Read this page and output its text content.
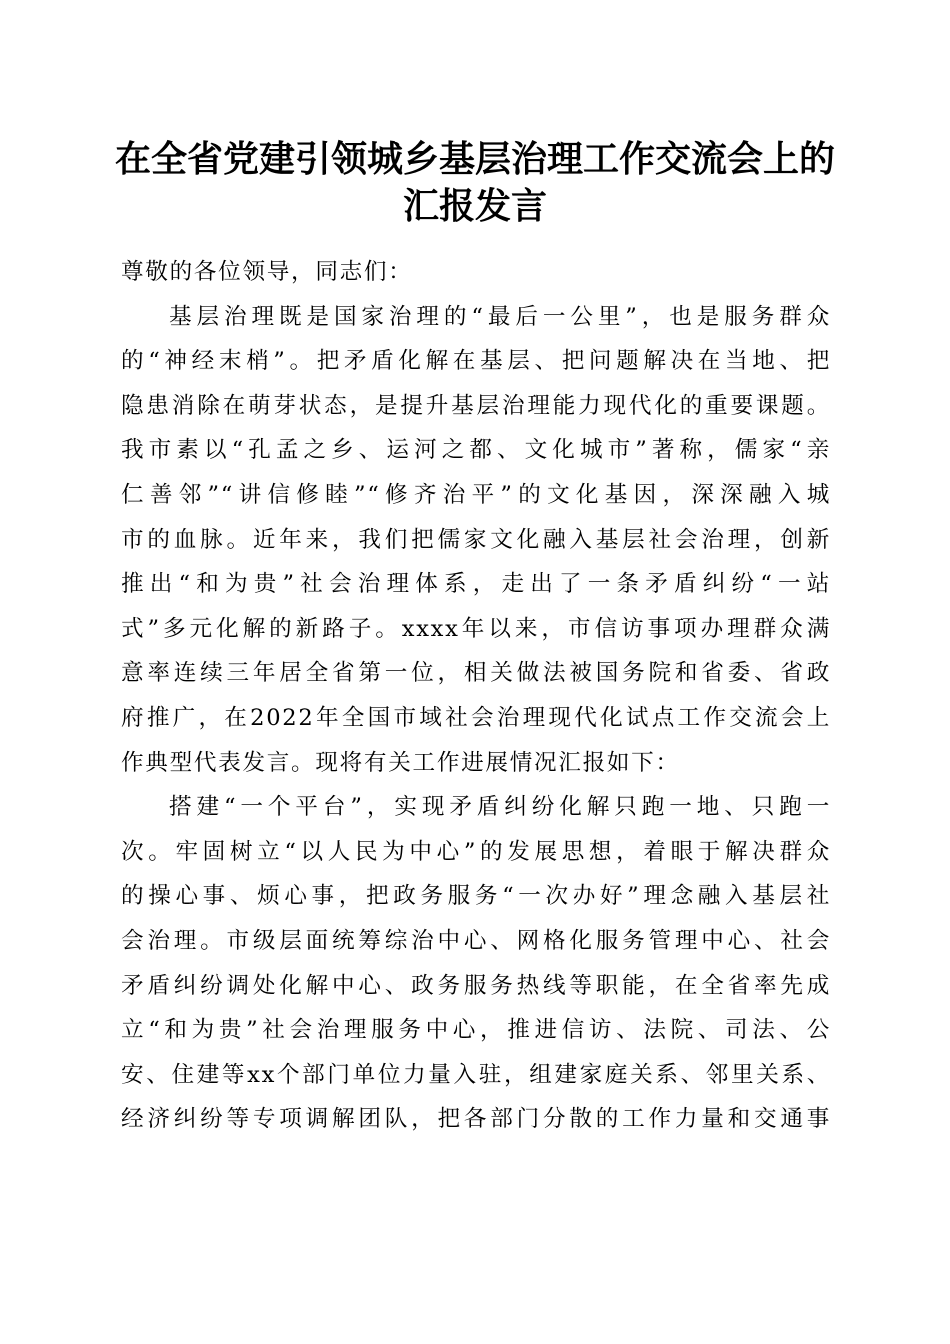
在全省党建引领城乡基层治理工作交流会上的
汇报发言
尊敬的各位领导，同志们：
基层治理既是国家治理的“最后一公里”，也是服务群众
的“神经末梢”。把矛盾化解在基层、把问题解决在当地、把
隐患消除在萌芽状态，是提升基层治理能力现代化的重要课题。
我市素以“孔孟之乡、运河之都、文化城市”著称，儒家“亲
仁善邻”“讲信修睦”“修齐治平”的文化基因，深深融入城
市的血脉。近年来，我们把儒家文化融入基层社会治理，创新
推出“和为贵”社会治理体系，走出了一条矛盾纠纷“一站
式”多元化解的新路子。xxxx年以来，市信访事项办理群众满
意率连续三年居全省第一位，相关做法被国务院和省委、省政
府推广，在2022年全国市域社会治理现代化试点工作交流会上
作典型代表发言。现将有关工作进展情况汇报如下：
搭建“一个平台”，实现矛盾纠纷化解只跑一地、只跑一
次。牢固树立“以人民为中心”的发展思想，着眼于解决群众
的操心事、烦心事，把政务服务“一次办好”理念融入基层社
会治理。市级层面统筹综治中心、网格化服务管理中心、社会
矛盾纠纷调处化解中心、政务服务热线等职能，在全省率先成
立“和为贵”社会治理服务中心，推进信访、法院、司法、公
安、住建等xx个部门单位力量入驻，组建家庭关系、邻里关系、
经济纠纷等专项调解团队，把各部门分散的工作力量和交通事
